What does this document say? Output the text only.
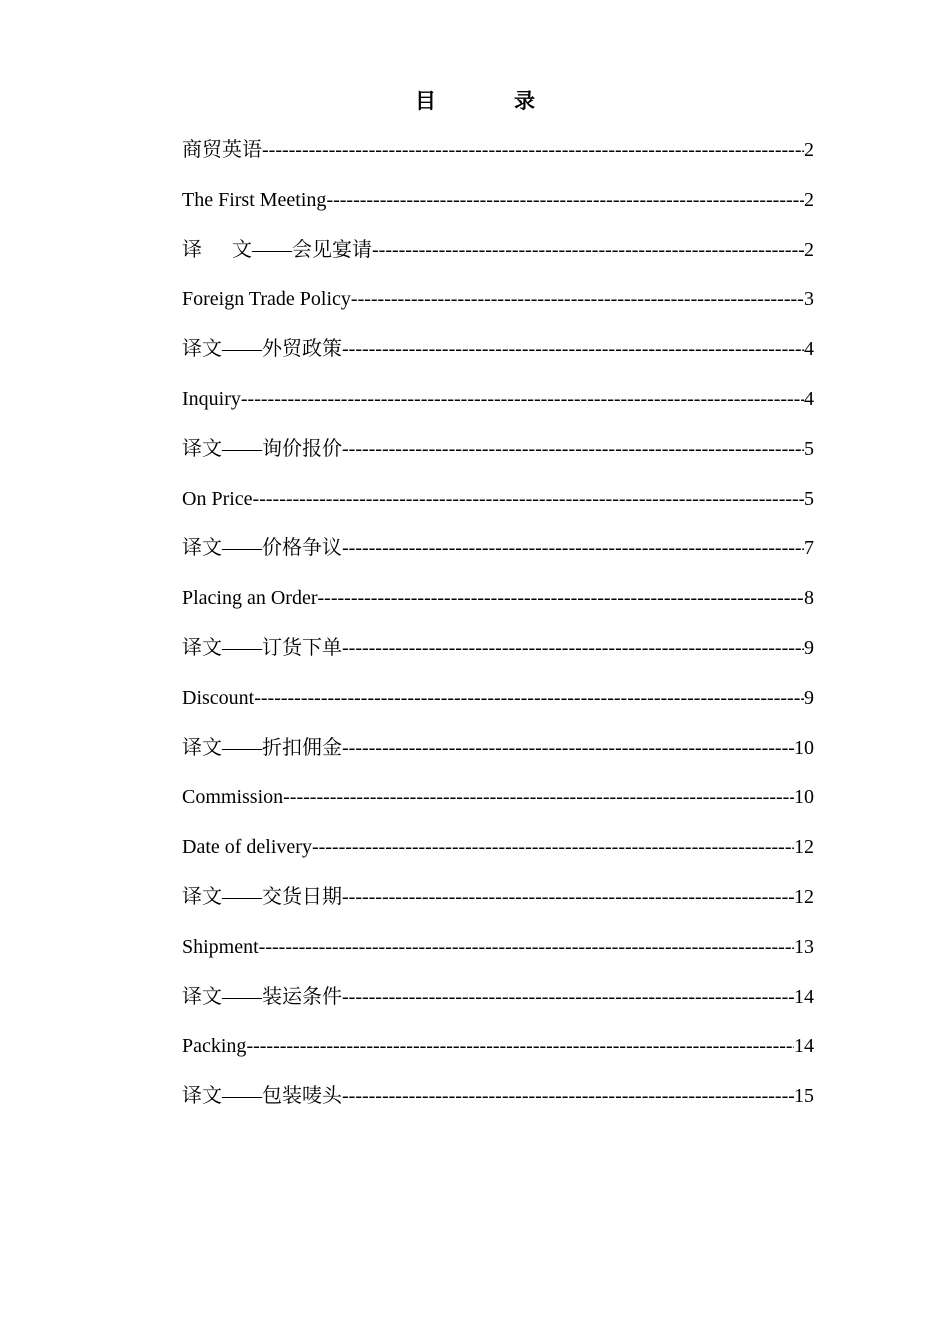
目	录
商贸英语 -----	2
The First Meeting -----	2
译      文——会见宴请 -----	2
Foreign Trade Policy -----	3
译文——外贸政策 -----	4
Inquiry -----	4
译文——询价报价 -----	5
On Price -----	5
译文——价格争议 -----	7
Placing an Order -----	8
译文——订货下单 -----	9
Discount -----	9
译文——折扣佣金 -----	10
Commission -----	10
Date of delivery -----	12
译文——交货日期 -----	12
Shipment -----	13
译文——装运条件 -----	14
Packing -----	14
译文——包装唛头 -----	15
